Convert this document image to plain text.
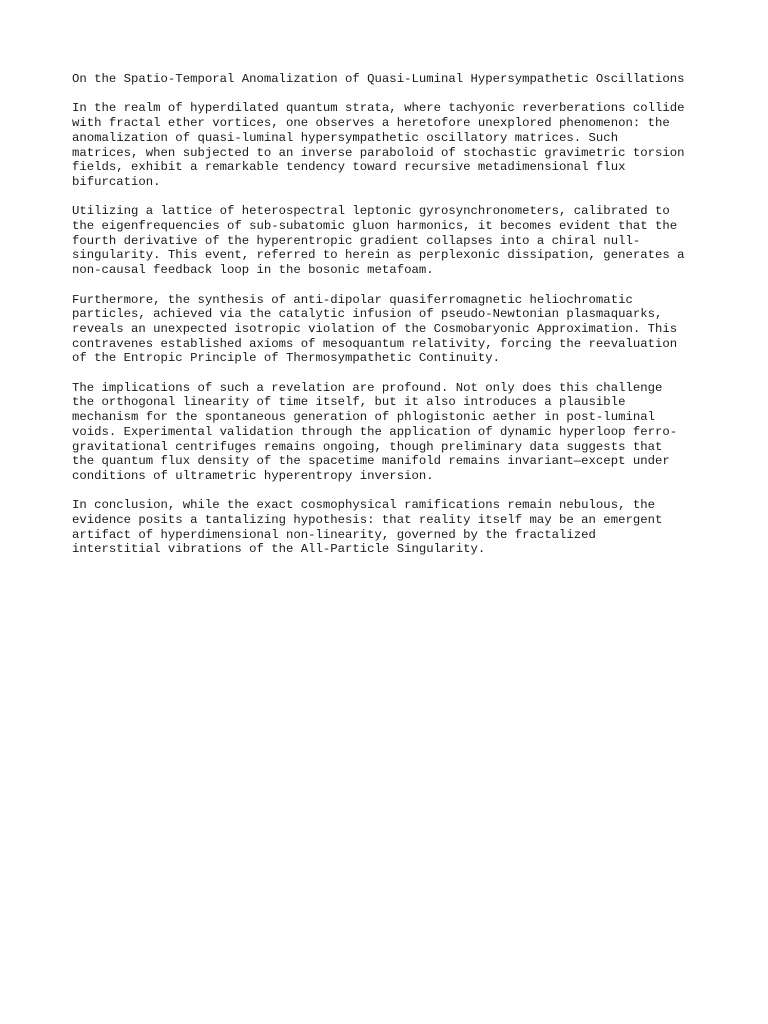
On the Spatio-Temporal Anomalization of Quasi-Luminal Hypersympathetic Oscillations
In the realm of hyperdilated quantum strata, where tachyonic reverberations collide
with fractal ether vortices, one observes a heretofore unexplored phenomenon: the
anomalization of quasi-luminal hypersympathetic oscillatory matrices. Such
matrices, when subjected to an inverse paraboloid of stochastic gravimetric torsion
fields, exhibit a remarkable tendency toward recursive metadimensional flux
bifurcation.
Utilizing a lattice of heterospectral leptonic gyrosynchronometers, calibrated to
the eigenfrequencies of sub-subatomic gluon harmonics, it becomes evident that the
fourth derivative of the hyperentropic gradient collapses into a chiral null-
singularity. This event, referred to herein as perplexonic dissipation, generates a
non-causal feedback loop in the bosonic metafoam.
Furthermore, the synthesis of anti-dipolar quasiferromagnetic heliochromatic
particles, achieved via the catalytic infusion of pseudo-Newtonian plasmaquarks,
reveals an unexpected isotropic violation of the Cosmobaryonic Approximation. This
contravenes established axioms of mesoquantum relativity, forcing the reevaluation
of the Entropic Principle of Thermosympathetic Continuity.
The implications of such a revelation are profound. Not only does this challenge
the orthogonal linearity of time itself, but it also introduces a plausible
mechanism for the spontaneous generation of phlogistonic aether in post-luminal
voids. Experimental validation through the application of dynamic hyperloop ferro-
gravitational centrifuges remains ongoing, though preliminary data suggests that
the quantum flux density of the spacetime manifold remains invariant—except under
conditions of ultrametric hyperentropy inversion.
In conclusion, while the exact cosmophysical ramifications remain nebulous, the
evidence posits a tantalizing hypothesis: that reality itself may be an emergent
artifact of hyperdimensional non-linearity, governed by the fractalized
interstitial vibrations of the All-Particle Singularity.
